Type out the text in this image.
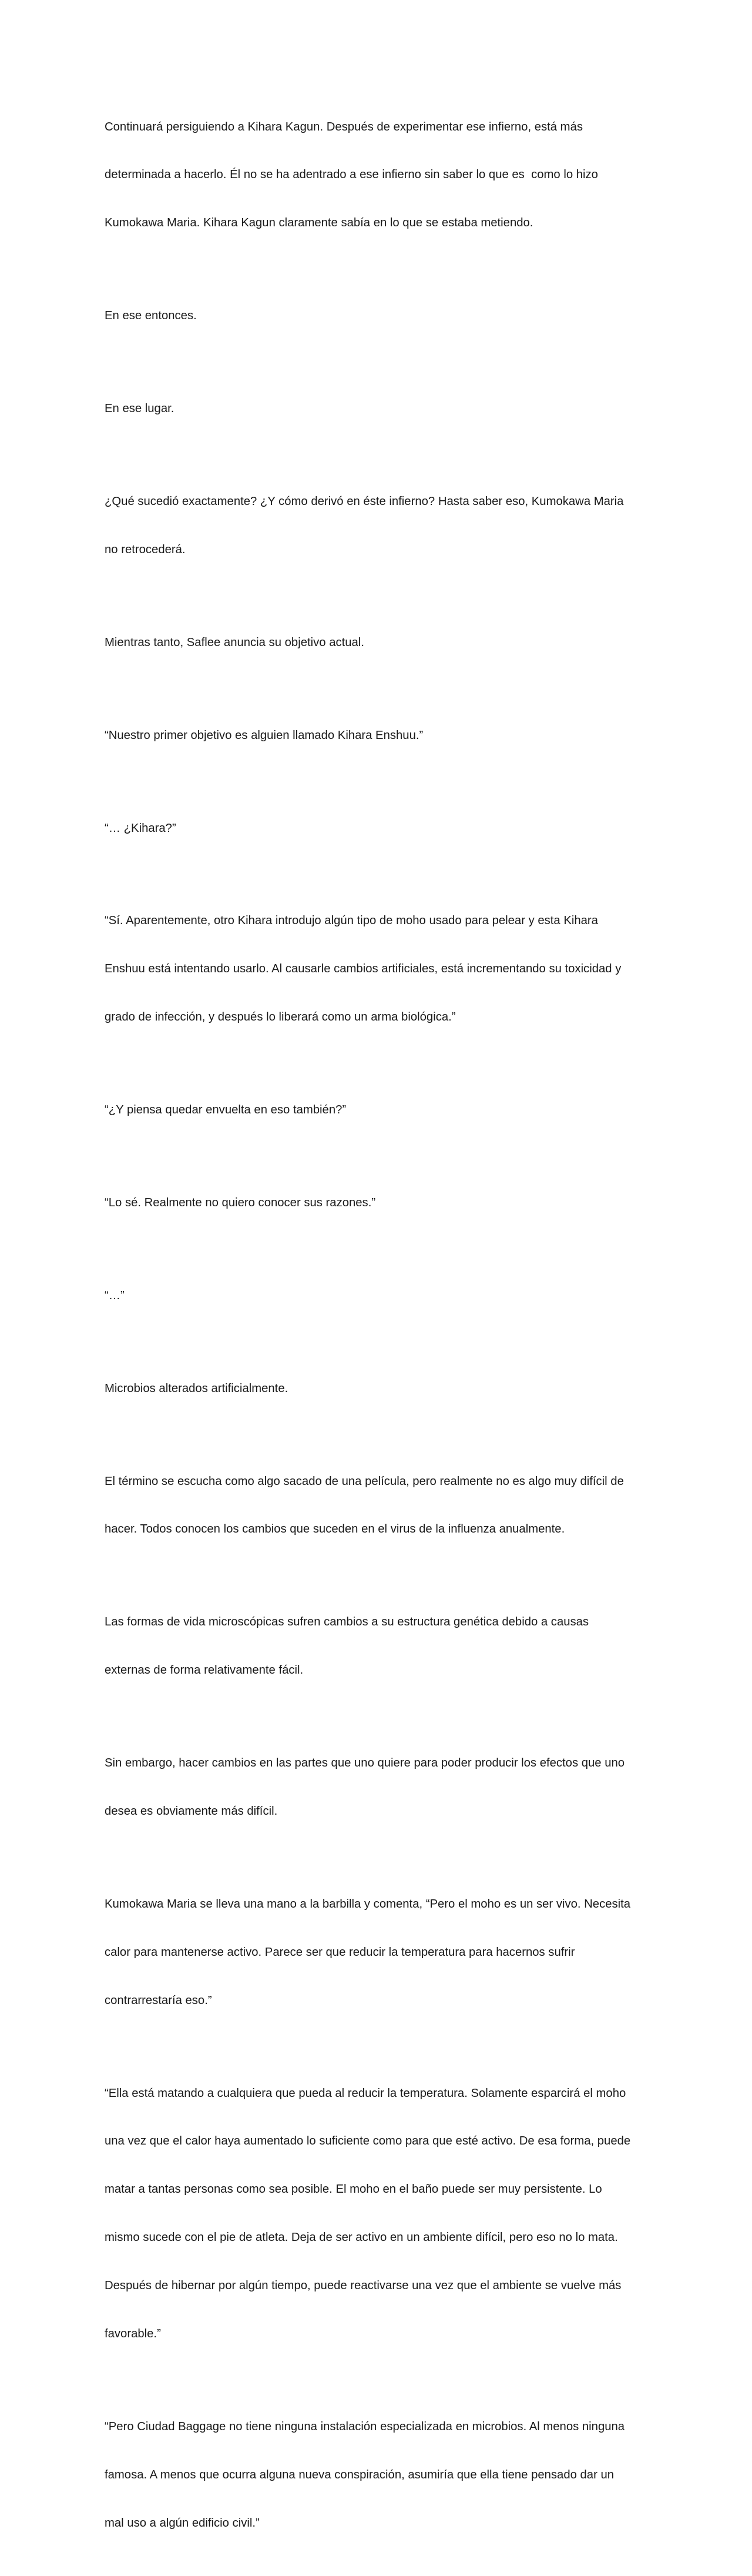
Continuará persiguiendo a Kihara Kagun. Después de experimentar ese infierno, está más

determinada a hacerlo. Él no se ha adentrado a ese infierno sin saber lo que es  como lo hizo

Kumokawa Maria. Kihara Kagun claramente sabía en lo que se estaba metiendo.

En ese entonces.

En ese lugar.

¿Qué sucedió exactamente? ¿Y cómo derivó en éste infierno? Hasta saber eso, Kumokawa Maria

no retrocederá.

Mientras tanto, Saflee anuncia su objetivo actual.

“Nuestro primer objetivo es alguien llamado Kihara Enshuu.”

“… ¿Kihara?”

“Sí. Aparentemente, otro Kihara introdujo algún tipo de moho usado para pelear y esta Kihara

Enshuu está intentando usarlo. Al causarle cambios artificiales, está incrementando su toxicidad y

grado de infección, y después lo liberará como un arma biológica.”

“¿Y piensa quedar envuelta en eso también?”

“Lo sé. Realmente no quiero conocer sus razones.”

“…”

Microbios alterados artificialmente.

El término se escucha como algo sacado de una película, pero realmente no es algo muy difícil de

hacer. Todos conocen los cambios que suceden en el virus de la influenza anualmente.

Las formas de vida microscópicas sufren cambios a su estructura genética debido a causas

externas de forma relativamente fácil.

Sin embargo, hacer cambios en las partes que uno quiere para poder producir los efectos que uno

desea es obviamente más difícil.

Kumokawa Maria se lleva una mano a la barbilla y comenta, “Pero el moho es un ser vivo. Necesita

calor para mantenerse activo. Parece ser que reducir la temperatura para hacernos sufrir

contrarrestaría eso.”

“Ella está matando a cualquiera que pueda al reducir la temperatura. Solamente esparcirá el moho

una vez que el calor haya aumentado lo suficiente como para que esté activo. De esa forma, puede

matar a tantas personas como sea posible. El moho en el baño puede ser muy persistente. Lo

mismo sucede con el pie de atleta. Deja de ser activo en un ambiente difícil, pero eso no lo mata.

Después de hibernar por algún tiempo, puede reactivarse una vez que el ambiente se vuelve más

favorable.”

“Pero Ciudad Baggage no tiene ninguna instalación especializada en microbios. Al menos ninguna

famosa. A menos que ocurra alguna nueva conspiración, asumiría que ella tiene pensado dar un

mal uso a algún edificio civil.”
